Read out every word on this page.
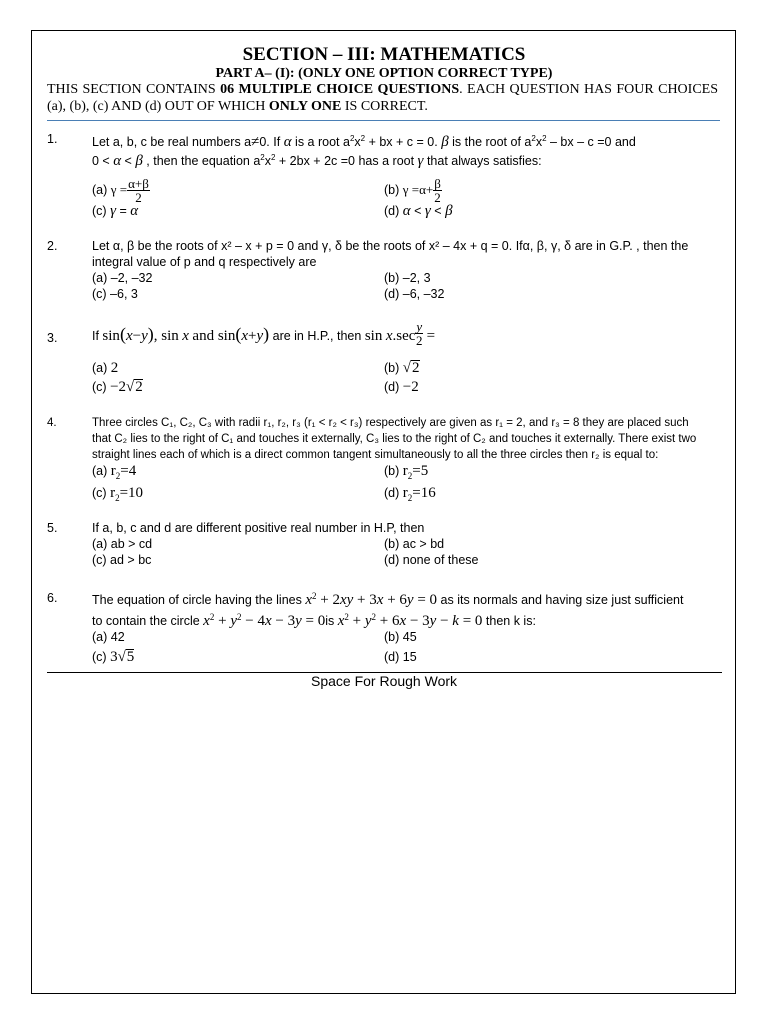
SECTION – III: MATHEMATICS
PART A– (I): (ONLY ONE OPTION CORRECT TYPE)
THIS SECTION CONTAINS 06 MULTIPLE CHOICE QUESTIONS. EACH QUESTION HAS FOUR CHOICES (a), (b), (c) AND (d) OUT OF WHICH ONLY ONE IS CORRECT.
1.	Let a, b, c be real numbers a≠0. If α is a root $a^2x^2$ + bx + c = 0. β is the root of $a^2x^2$ – bx – c =0 and
0 < α < β , then the equation $a^2x^2 + 2bx + 2c =0$ has a root γ that always satisfies:
(a) $\gamma = \frac{\alpha+\beta}{2}$	(b) $\gamma =\alpha+ \frac{\beta}{2}$
(c) γ = α	(d) α < γ < β
2.	Let α, β be the roots of x² – x + p = 0 and γ, δ be the roots of x² – 4x + q = 0. Ifα, β, γ, δ are in G.P. , then the
integral value of p and q respectively are
(a) –2, –32	(b) –2, 3
(c) –6, 3	(d) –6, –32
3.	If sin(x−y), sin x and sin(x+y) are in H.P., then $\sin x.\sec \frac{y}{2}$ =
(a) 2	(b) √2
(c) −2√2	(d) −2
4.	Three circles C₁, C₂, C₃ with radii r₁, r₂, r₃ (r₁ < r₂ < r₃) respectively are given as r₁ = 2, and r₃ = 8 they are placed such
that C₂ lies to the right of C₁ and touches it externally, C₃ lies to the right of C₂ and touches it externally. There exist two
straight lines each of which is a direct common tangent simultaneously to all the three circles then r₂ is equal to:
(a) $r_2=4$	(b) $r_2=5$
(c) $r_2=10$	(d) $r_2=16$
5.	If a, b, c and d are different positive real number in H.P, then
(a) ab > cd	(b) ac > bd
(c) ad > bc	(d) none of these
6.	The equation of circle having the lines $x^2 + 2xy + 3x + 6y = 0$ as its normals and having size just sufficient
to contain the circle $x^2 + y^2 - 4x - 3y = 0is$ $x^2 + y^2 + 6x - 3y - k = 0$ then k is:
(a) 42	(b) 45
(c) 3√5	(d) 15
Space For Rough Work
